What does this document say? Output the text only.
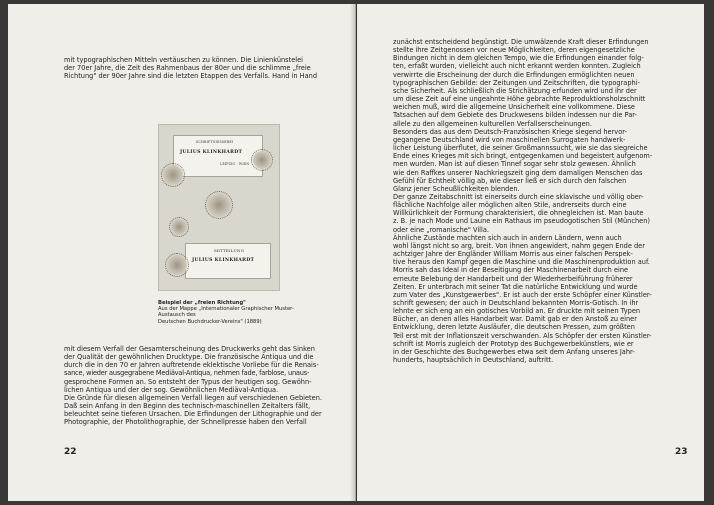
mit typographischen Mitteln vertäuschen zu können. Die Linienkünstelei
der 70er Jahre, die Zeit des Rahmenbaus der 80er und die schlimme „freie
Richtung" der 90er Jahre sind die letzten Etappen des Verfalls. Hand in Hand
SCHRIFTGIESSEREI
JULIUS KLINKHARDT
LEIPZIG · WIEN
MITTEILUNG
JULIUS KLINKHARDT
Beispiel der „freien Richtung"
Aus der Mappe „Internationaler Graphischer Muster-Austausch des
Deutschen Buchdrucker-Vereins" (1889)
mit diesem Verfall der Gesamterscheinung des Druckwerks geht das Sinken
der Qualität der gewöhnlichen Drucktype. Die französische Antiqua und die
durch die in den 70 er Jahren auftretende eklektische Vorliebe für die Renais-
sance, wieder ausgegrabene Mediäval-Antiqua, nehmen fade, farblose, unaus-
gesprochene Formen an. So entsteht der Typus der heutigen sog. Gewöhn-
lichen Antiqua und der der sog. Gewöhnlichen Mediäval-Antiqua.
Die Gründe für diesen allgemeinen Verfall liegen auf verschiedenen Gebieten.
Daß sein Anfang in den Beginn des technisch-maschinellen Zeitalters fällt,
beleuchtet seine tieferen Ursachen. Die Erfindungen der Lithographie und der
Photographie, der Photolithographie, der Schnellpresse haben den Verfall
22
zunächst entscheidend begünstigt. Die umwälzende Kraft dieser Erfindungen
stellte ihre Zeitgenossen vor neue Möglichkeiten, deren eigengesetzliche
Bindungen nicht in dem gleichen Tempo, wie die Erfindungen einander folg-
ten, erfaßt wurden, vielleicht auch nicht erkannt werden konnten. Zugleich
verwirrte die Erscheinung der durch die Erfindungen ermöglichten neuen
typographischen Gebilde: der Zeitungen und Zeitschriften, die typographi-
sche Sicherheit. Als schließlich die Strichätzung erfunden wird und ihr der
um diese Zeit auf eine ungeahnte Höhe gebrachte Reproduktionsholzschnitt
weichen muß, wird die allgemeine Unsicherheit eine vollkommene. Diese
Tatsachen auf dem Gebiete des Druckwesens bilden indessen nur die Par-
allele zu den allgemeinen kulturellen Verfallserscheinungen.
Besonders das aus dem Deutsch-Französischen Kriege siegend hervor-
gegangene Deutschland wird von maschinellen Surrogaten handwerk-
licher Leistung überflutet, die seiner Großmannssucht, wie sie das siegreiche
Ende eines Krieges mit sich bringt, entgegenkamen und begeistert aufgenom-
men wurden. Man ist auf diesen Tinnef sogar sehr stolz gewesen. Ähnlich
wie den Raffkes unserer Nachkriegszeit ging dem damaligen Menschen das
Gefühl für Echtheit völlig ab, wie dieser ließ er sich durch den falschen
Glanz jener Scheußlichkeiten blenden.
Der ganze Zeitabschnitt ist einerseits durch eine sklavische und völlig ober-
flächliche Nachfolge aller möglichen alten Stile, andrerseits durch eine
Willkürlichkeit der Formung charakterisiert, die ohnegleichen ist. Man baute
z. B. je nach Mode und Laune ein Rathaus im pseudogotischen Stil (München)
oder eine „romanische" Villa.
Ähnliche Zustände machten sich auch in andern Ländern, wenn auch
wohl längst nicht so arg, breit. Von ihnen angewidert, nahm gegen Ende der
achtziger Jahre der Engländer William Morris aus einer falschen Perspek-
tive heraus den Kampf gegen die Maschine und die Maschinenproduktion auf.
Morris sah das Ideal in der Beseitigung der Maschinenarbeit durch eine
erneute Belebung der Handarbeit und der Wiederherbeiführung früherer
Zeiten. Er unterbrach mit seiner Tat die natürliche Entwicklung und wurde
zum Vater des „Kunstgewerbes". Er ist auch der erste Schöpfer einer Künstler-
schrift gewesen; der auch in Deutschland bekannten Morris-Gotisch. In ihr
lehnte er sich eng an ein gotisches Vorbild an. Er druckte mit seinen Typen
Bücher, an denen alles Handarbeit war. Damit gab er den Anstoß zu einer
Entwicklung, deren letzte Ausläufer, die deutschen Pressen, zum größten
Teil erst mit der Inflationszeit verschwanden. Als Schöpfer der ersten Künstler-
schrift ist Morris zugleich der Prototyp des Buchgewerbekünstlers, wie er
in der Geschichte des Buchgewerbes etwa seit dem Anfang unseres Jahr-
hunderts, hauptsächlich in Deutschland, auftritt.
23
